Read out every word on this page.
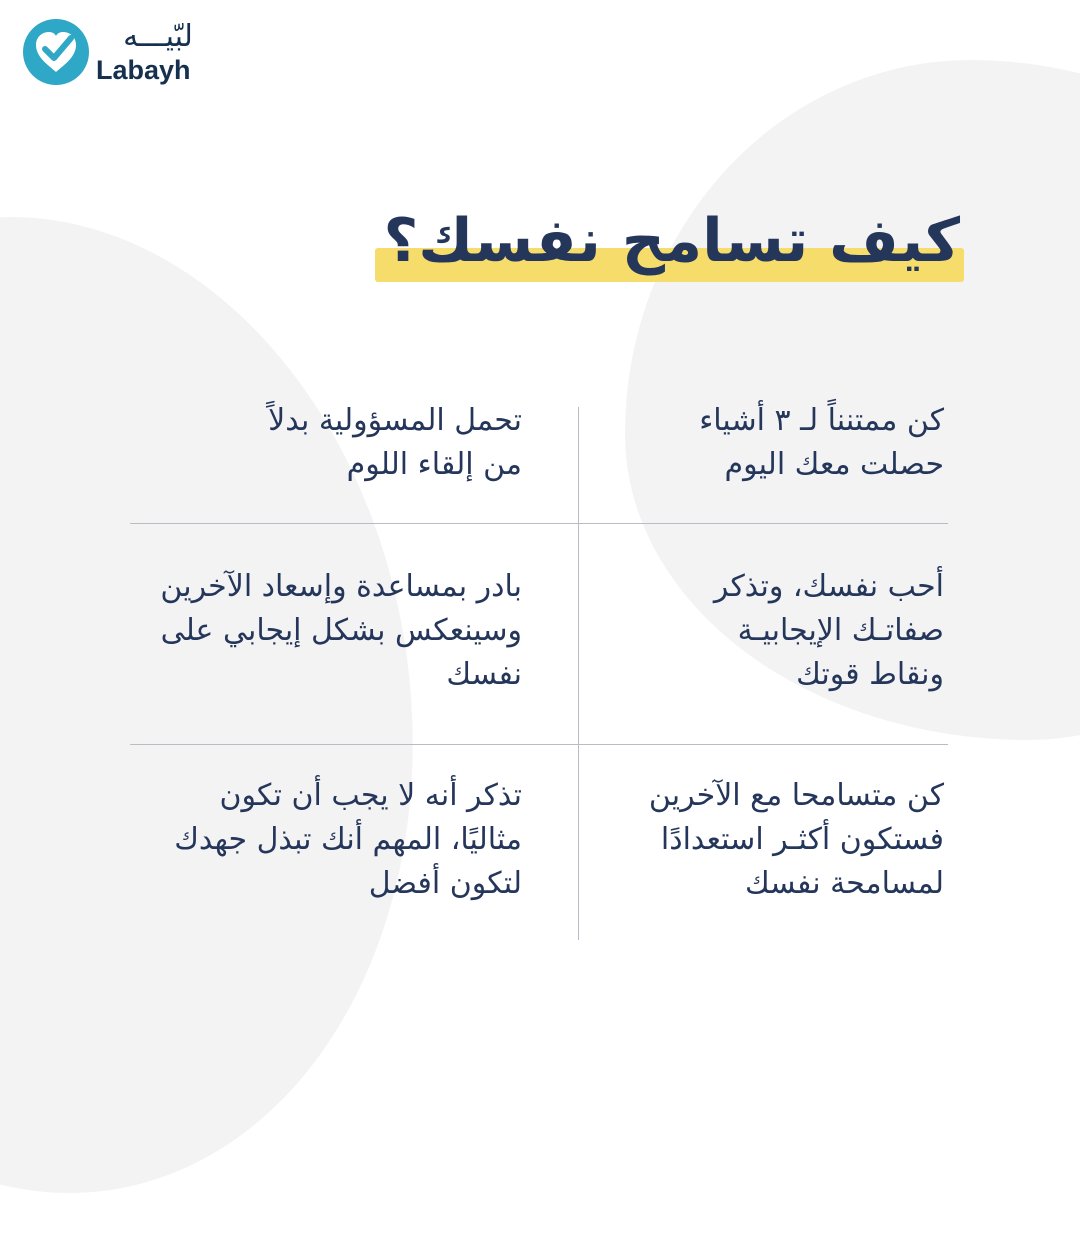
لبّيـــه
Labayh
كيف تسامح نفسك؟
كن ممتنناً لـ ٣ أشياء
حصلت معك اليوم
تحمل المسؤولية بدلاً
من إلقاء اللوم
أحب نفسك، وتذكر
صفاتـك الإيجابيـة
ونقاط قوتك
بادر بمساعدة وإسعاد الآخرين
وسينعكس بشكل إيجابي على
نفسك
كن متسامحا مع الآخرين
فستكون أكثـر استعدادًا
لمسامحة نفسك
تذكر أنه لا يجب أن تكون
مثاليًا، المهم أنك تبذل جهدك
لتكون أفضل
